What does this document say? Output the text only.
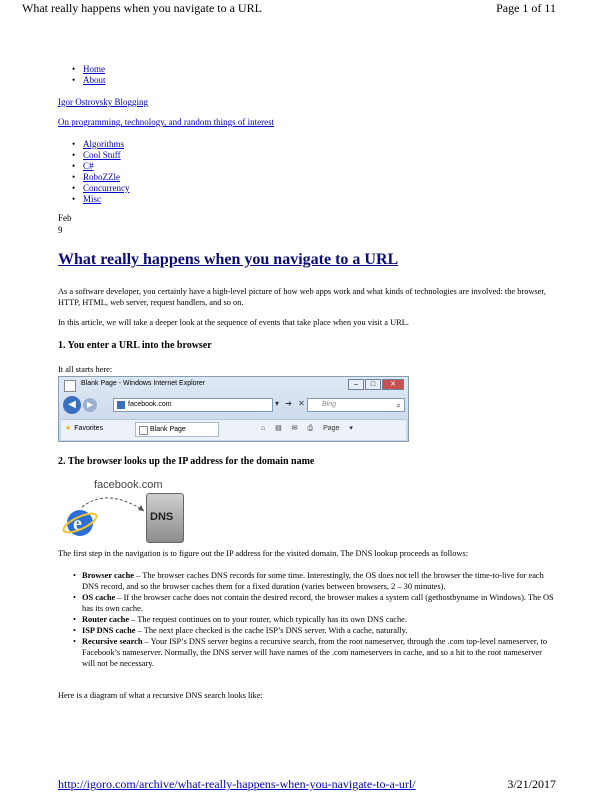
What really happens when you navigate to a URL	Page 1 of 11
• Home
• About
Igor Ostrovsky Blogging
On programming, technology, and random things of interest
• Algorithms
• Cool Stuff
• C#
• RoboZZle
• Concurrency
• Misc
Feb
9
What really happens when you navigate to a URL
As a software developer, you certainly have a high-level picture of how web apps work and what kinds of technologies are involved: the browser, HTTP, HTML, web server, request handlers, and so on.
In this article, we will take a deeper look at the sequence of events that take place when you visit a URL.
1. You enter a URL into the browser
It all starts here:
Blank Page - Windows Internet Explorer	–	□	✕
◀	▶	facebook.com	▾ ➔ ✕	Bing	⌕
★ Favorites	Blank Page	⌂ ▤ ✉ ⎙ Page ▾
2. The browser looks up the IP address for the domain name
facebook.com
e	DNS
The first step in the navigation is to figure out the IP address for the visited domain. The DNS lookup proceeds as follows:
• Browser cache – The browser caches DNS records for some time. Interestingly, the OS does not tell the browser the time-to-live for each DNS record, and so the browser caches them for a fixed duration (varies between browsers, 2 – 30 minutes).
• OS cache – If the browser cache does not contain the desired record, the browser makes a system call (gethostbyname in Windows). The OS has its own cache.
• Router cache – The request continues on to your router, which typically has its own DNS cache.
• ISP DNS cache – The next place checked is the cache ISP’s DNS server. With a cache, naturally.
• Recursive search – Your ISP’s DNS server begins a recursive search, from the root nameserver, through the .com top-level nameserver, to Facebook’s nameserver. Normally, the DNS server will have names of the .com nameservers in cache, and so a hit to the root nameserver will not be necessary.
Here is a diagram of what a recursive DNS search looks like:
http://igoro.com/archive/what-really-happens-when-you-navigate-to-a-url/	3/21/2017
